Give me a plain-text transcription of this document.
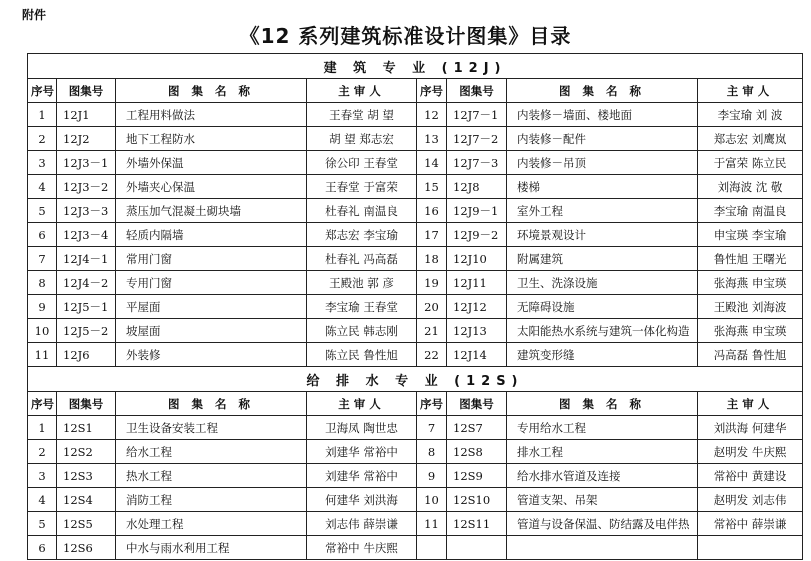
附件
《12 系列建筑标准设计图集》目录
建 筑 专 业 (12J)							
序号	图集号	图 集 名 称	主审人	序号	图集号	图 集 名 称	主审人
1	12J1	工程用料做法	王春堂 胡 望	12	12J7－1	内装修－墙面、楼地面	李宝瑜 刘 波
2	12J2	地下工程防水	胡 望 郑志宏	13	12J7－2	内装修－配件	郑志宏 刘鹰岚
3	12J3－1	外墙外保温	徐公印 王春堂	14	12J7－3	内装修－吊顶	于富荣 陈立民
4	12J3－2	外墙夹心保温	王春堂 于富荣	15	12J8	楼梯	刘海波 沈 敬
5	12J3－3	蒸压加气混凝土砌块墙	杜春礼 南温良	16	12J9－1	室外工程	李宝瑜 南温良
6	12J3－4	轻质内隔墙	郑志宏 李宝瑜	17	12J9－2	环境景观设计	申宝瑛 李宝瑜
7	12J4－1	常用门窗	杜春礼 冯高磊	18	12J10	附属建筑	鲁性旭 王曙光
8	12J4－2	专用门窗	王殿池 郭 彦	19	12J11	卫生、洗涤设施	张海燕 申宝瑛
9	12J5－1	平屋面	李宝瑜 王春堂	20	12J12	无障碍设施	王殿池 刘海波
10	12J5－2	坡屋面	陈立民 韩志刚	21	12J13	太阳能热水系统与建筑一体化构造	张海燕 申宝瑛
11	12J6	外装修	陈立民 鲁性旭	22	12J14	建筑变形缝	冯高磊 鲁性旭
给 排 水 专 业 (12S)							
序号	图集号	图 集 名 称	主审人	序号	图集号	图 集 名 称	主审人
1	12S1	卫生设备安装工程	卫海凤 陶世忠	7	12S7	专用给水工程	刘洪海 何建华
2	12S2	给水工程	刘建华 常裕中	8	12S8	排水工程	赵明发 牛庆熙
3	12S3	热水工程	刘建华 常裕中	9	12S9	给水排水管道及连接	常裕中 黄建设
4	12S4	消防工程	何建华 刘洪海	10	12S10	管道支架、吊架	赵明发 刘志伟
5	12S5	水处理工程	刘志伟 薛崇谦	11	12S11	管道与设备保温、防结露及电伴热	常裕中 薛崇谦
6	12S6	中水与雨水利用工程	常裕中 牛庆熙				
